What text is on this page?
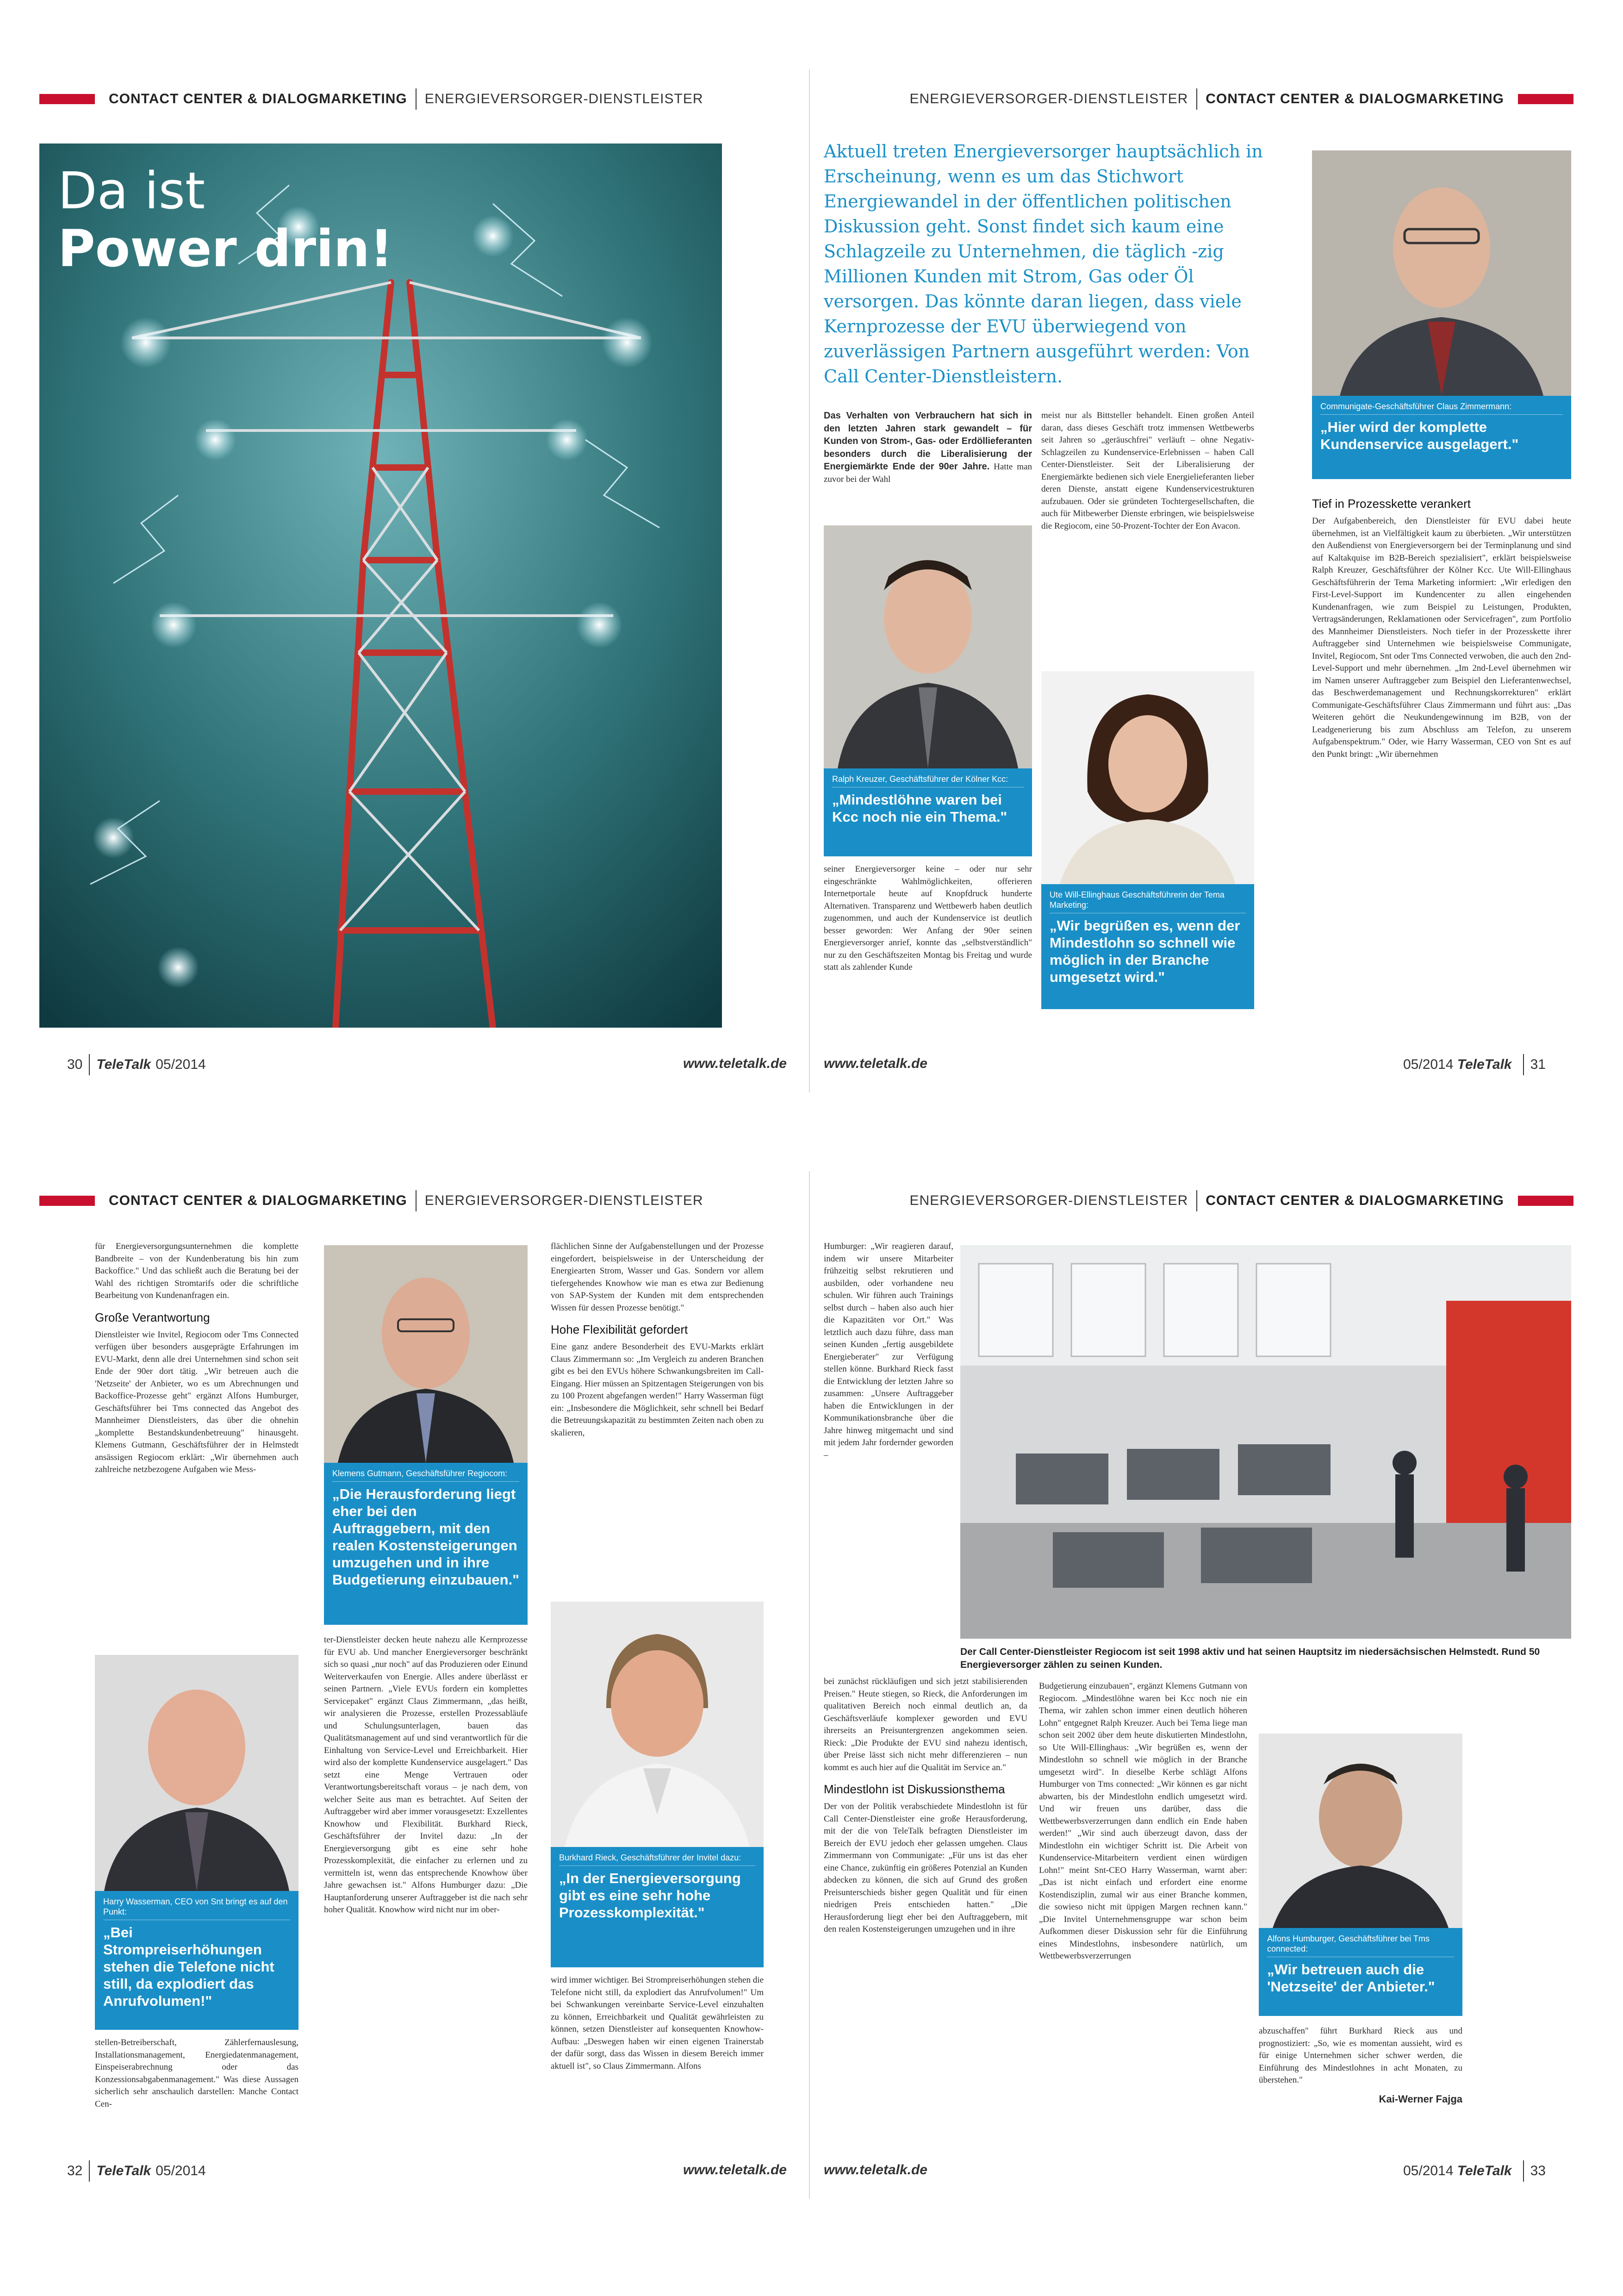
CONTACT CENTER & DIALOGMARKETING ENERGIEVERSORGER-DIENSTLEISTER
Da ist
Power drin!
30 TeleTalk 05/2014	www.teletalk.de
ENERGIEVERSORGER-DIENSTLEISTER CONTACT CENTER & DIALOGMARKETING
Aktuell treten Energieversorger hauptsächlich in Erscheinung, wenn es um das Stichwort Energiewandel in der öffentlichen politischen Diskussion geht. Sonst findet sich kaum eine Schlagzeile zu Unternehmen, die täglich -zig Millionen Kunden mit Strom, Gas oder Öl versorgen. Das könnte daran liegen, dass viele Kernprozesse der EVU überwiegend von zuverlässigen Partnern ausgeführt werden: Von Call Center-Dienstleistern.
Communigate-Geschäftsführer Claus Zimmermann:
„Hier wird der komplette Kundenservice ausgelagert."

Das Verhalten von Verbrauchern hat sich in den letzten Jahren stark gewandelt – für Kunden von Strom-, Gas- oder Erdöllieferanten besonders durch die Liberalisierung der Energiemärkte Ende der 90er Jahre. Hatte man zuvor bei der Wahl

Ralph Kreuzer, Geschäftsführer der Kölner Kcc:
„Mindestlöhne waren bei Kcc noch nie ein Thema."

seiner Energieversorger keine – oder nur sehr eingeschränkte Wahlmöglichkeiten, offerieren Internetportale heute auf Knopfdruck hunderte Alternativen. Transparenz und Wettbewerb haben deutlich zugenommen, und auch der Kundenservice ist deutlich besser geworden: Wer Anfang der 90er seinen Energieversorger anrief, konnte das „selbstverständlich" nur zu den Geschäftszeiten Montag bis Freitag und wurde statt als zahlender Kunde

meist nur als Bittsteller behandelt. Einen großen Anteil daran, dass dieses Geschäft trotz immensen Wettbewerbs seit Jahren so „geräuschfrei" verläuft – ohne Negativ-Schlagzeilen zu Kundenservice-Erlebnissen – haben Call Center-Dienstleister. Seit der Liberalisierung der Energiemärkte bedienen sich viele Energielieferanten lieber deren Dienste, anstatt eigene Kundenservicestrukturen aufzubauen. Oder sie gründeten Tochtergesellschaften, die auch für Mitbewerber Dienste erbringen, wie beispielsweise die Regiocom, eine 50-Prozent-Tochter der Eon Avacon.

Ute Will-Ellinghaus Geschäftsführerin der Tema Marketing:
„Wir begrüßen es, wenn der Mindestlohn so schnell wie möglich in der Branche umgesetzt wird."
Tief in Prozesskette verankert

Der Aufgabenbereich, den Dienstleister für EVU dabei heute übernehmen, ist an Vielfältigkeit kaum zu überbieten. „Wir unterstützen den Außendienst von Energieversorgern bei der Terminplanung und sind auf Kaltakquise im B2B-Bereich spezialisiert", erklärt beispielsweise Ralph Kreuzer, Geschäftsführer der Kölner Kcc. Ute Will-Ellinghaus Geschäftsführerin der Tema Marketing informiert: „Wir erledigen den First-Level-Support im Kundencenter zu allen eingehenden Kundenanfragen, wie zum Beispiel zu Leistungen, Produkten, Vertragsänderungen, Reklamationen oder Servicefragen", zum Portfolio des Mannheimer Dienstleisters. Noch tiefer in der Prozesskette ihrer Auftraggeber sind Unternehmen wie beispielsweise Communigate, Invitel, Regiocom, Snt oder Tms Connected verwoben, die auch den 2nd-Level-Support und mehr übernehmen. „Im 2nd-Level übernehmen wir im Namen unserer Auftraggeber zum Beispiel den Lieferantenwechsel, das Beschwerdemanagement und Rechnungskorrekturen" erklärt Communigate-Geschäftsführer Claus Zimmermann und führt aus: „Das Weiteren gehört die Neukundengewinnung im B2B, von der Leadgenerierung bis zum Abschluss am Telefon, zu unserem Aufgabenspektrum." Oder, wie Harry Wasserman, CEO von Snt es auf den Punkt bringt: „Wir übernehmen

www.teletalk.de	05/2014
TeleTalk 31
CONTACT CENTER & DIALOGMARKETING ENERGIEVERSORGER-DIENSTLEISTER

für Energieversorgungsunternehmen die komplette Bandbreite – von der Kundenberatung bis hin zum Backoffice." Und das schließt auch die Beratung bei der Wahl des richtigen Stromtarifs oder die schriftliche Bearbeitung von Kundenanfragen ein.

Große Verantwortung

Dienstleister wie Invitel, Regiocom oder Tms Connected verfügen über besonders ausgeprägte Erfahrungen im EVU-Markt, denn alle drei Unternehmen sind schon seit Ende der 90er dort tätig. „Wir betreuen auch die 'Netzseite' der Anbieter, wo es um Abrechnungen und Backoffice-Prozesse geht" ergänzt Alfons Humburger, Geschäftsführer bei Tms connected das Angebot des Mannheimer Dienstleisters, das über die ohnehin „komplette Bestandskundenbetreuung" hinausgeht. Klemens Gutmann, Geschäftsführer der in Helmstedt ansässigen Regiocom erklärt: „Wir übernehmen auch zahlreiche netzbezogene Aufgaben wie Mess-

Harry Wasserman, CEO von Snt bringt es auf den Punkt:
„Bei Strompreiserhöhungen stehen die Telefone nicht still, da explodiert das Anrufvolumen!"

stellen-Betreiberschaft, Zählerfernauslesung, Installationsmanagement, Energiedatenmanagement, Einspeiserabrechnung oder das Konzessionsabgabenmanagement." Was diese Aussagen sicherlich sehr anschaulich darstellen: Manche Contact Cen-

Klemens Gutmann, Geschäftsführer Regiocom:
„Die Herausforderung liegt eher bei den Auftraggebern, mit den realen Kostensteigerungen umzugehen und in ihre Budgetierung einzubauen."

ter-Dienstleister decken heute nahezu alle Kernprozesse für EVU ab. Und mancher Energieversorger beschränkt sich so quasi „nur noch" auf das Produzieren oder Einund Weiterverkaufen von Energie. Alles andere überlässt er seinen Partnern. „Viele EVUs fordern ein komplettes Servicepaket" ergänzt Claus Zimmermann, „das heißt, wir analysieren die Prozesse, erstellen Prozessabläufe und Schulungsunterlagen, bauen das Qualitätsmanagement auf und sind verantwortlich für die Einhaltung von Service-Level und Erreichbarkeit. Hier wird also der komplette Kundenservice ausgelagert." Das setzt eine Menge Vertrauen oder Verantwortungsbereitschaft voraus – je nach dem, von welcher Seite aus man es betrachtet. Auf Seiten der Auftraggeber wird aber immer vorausgesetzt: Exzellentes Knowhow und Flexibilität. Burkhard Rieck, Geschäftsführer der Invitel dazu: „In der Energieversorgung gibt es eine sehr hohe Prozesskomplexität, die einfacher zu erlernen und zu vermitteln ist, wenn das entsprechende Knowhow über Jahre gewachsen ist." Alfons Humburger dazu: „Die Hauptanforderung unserer Auftraggeber ist die nach sehr hoher Qualität. Knowhow wird nicht nur im ober-

flächlichen Sinne der Aufgabenstellungen und der Prozesse eingefordert, beispielsweise in der Unterscheidung der Energiearten Strom, Wasser und Gas. Sondern vor allem tiefergehendes Knowhow wie man es etwa zur Bedienung von SAP-System der Kunden mit dem entsprechenden Wissen für dessen Prozesse benötigt."

Hohe Flexibilität gefordert

Eine ganz andere Besonderheit des EVU-Markts erklärt Claus Zimmermann so: „Im Vergleich zu anderen Branchen gibt es bei den EVUs höhere Schwankungsbreiten im Call-Eingang. Hier müssen an Spitzentagen Steigerungen von bis zu 100 Prozent abgefangen werden!" Harry Wasserman fügt ein: „Insbesondere die Möglichkeit, sehr schnell bei Bedarf die Betreuungskapazität zu bestimmten Zeiten nach oben zu skalieren,

Burkhard Rieck, Geschäftsführer der Invitel dazu:
„In der Energieversorgung gibt es eine sehr hohe Prozesskomplexität."

wird immer wichtiger. Bei Strompreiserhöhungen stehen die Telefone nicht still, da explodiert das Anrufvolumen!" Um bei Schwankungen vereinbarte Service-Level einzuhalten zu können, Erreichbarkeit und Qualität gewährleisten zu können, setzen Dienstleister auf konsequenten Knowhow-Aufbau: „Deswegen haben wir einen eigenen Trainerstab der dafür sorgt, dass das Wissen in diesem Bereich immer aktuell ist", so Claus Zimmermann. Alfons

32 TeleTalk 05/2014	www.teletalk.de
ENERGIEVERSORGER-DIENSTLEISTER CONTACT CENTER & DIALOGMARKETING

Humburger: „Wir reagieren darauf, indem wir unsere Mitarbeiter frühzeitig selbst rekrutieren und ausbilden, oder vorhandene neu schulen. Wir führen auch Trainings selbst durch – haben also auch hier die Kapazitäten vor Ort." Was letztlich auch dazu führe, dass man seinen Kunden „fertig ausgebildete Energieberater" zur Verfügung stellen könne. Burkhard Rieck fasst die Entwicklung der letzten Jahre so zusammen: „Unsere Auftraggeber haben die Entwicklungen in der Kommunikationsbranche über die Jahre hinweg mitgemacht und sind mit jedem Jahr fordernder geworden –

Der Call Center-Dienstleister Regiocom ist seit 1998 aktiv und hat seinen Hauptsitz im niedersächsischen Helmstedt. Rund 50 Energieversorger zählen zu seinen Kunden.

bei zunächst rückläufigen und sich jetzt stabilisierenden Preisen." Heute stiegen, so Rieck, die Anforderungen im qualitativen Bereich noch einmal deutlich an, da Geschäftsverläufe komplexer geworden und EVU ihrerseits an Preisuntergrenzen angekommen seien. Rieck: „Die Produkte der EVU sind nahezu identisch, über Preise lässt sich nicht mehr differenzieren – nun kommt es auch hier auf die Qualität im Service an."

Mindestlohn ist Diskussionsthema

Der von der Politik verabschiedete Mindestlohn ist für Call Center-Dienstleister eine große Herausforderung, mit der die von TeleTalk befragten Dienstleister im Bereich der EVU jedoch eher gelassen umgehen. Claus Zimmermann von Communigate: „Für uns ist das eher eine Chance, zukünftig ein größeres Potenzial an Kunden abdecken zu können, die sich auf Grund des großen Preisunterschieds bisher gegen Qualität und für einen niedrigen Preis entschieden hatten." „Die Herausforderung liegt eher bei den Auftraggebern, mit den realen Kostensteigerungen umzugehen und in ihre

Budgetierung einzubauen", ergänzt Klemens Gutmann von Regiocom. „Mindestlöhne waren bei Kcc noch nie ein Thema, wir zahlen schon immer einen deutlich höheren Lohn" entgegnet Ralph Kreuzer. Auch bei Tema liege man schon seit 2002 über dem heute diskutierten Mindestlohn, so Ute Will-Ellinghaus: „Wir begrüßen es, wenn der Mindestlohn so schnell wie möglich in der Branche umgesetzt wird". In dieselbe Kerbe schlägt Alfons Humburger von Tms connected: „Wir können es gar nicht abwarten, bis der Mindestlohn endlich umgesetzt wird. Und wir freuen uns darüber, dass die Wettbewerbsverzerrungen dann endlich ein Ende haben werden!" „Wir sind auch überzeugt davon, dass der Mindestlohn ein wichtiger Schritt ist. Die Arbeit von Kundenservice-Mitarbeitern verdient einen würdigen Lohn!" meint Snt-CEO Harry Wasserman, warnt aber: „Das ist nicht einfach und erfordert eine enorme Kostendisziplin, zumal wir aus einer Branche kommen, die sowieso nicht mit üppigen Margen rechnen kann." „Die Invitel Unternehmensgruppe war schon beim Aufkommen dieser Diskussion sehr für die Einführung eines Mindestlohns, insbesondere natürlich, um Wettbewerbsverzerrungen

Alfons Humburger, Geschäftsführer bei Tms connected:
„Wir betreuen auch die 'Netzseite' der Anbieter."

abzuschaffen" führt Burkhard Rieck aus und prognostiziert: „So, wie es momentan aussieht, wird es für einige Unternehmen sicher schwer werden, die Einführung des Mindestlohnes in acht Monaten, zu überstehen."

Kai-Werner Fajga
www.teletalk.de	05/2014
TeleTalk 33
